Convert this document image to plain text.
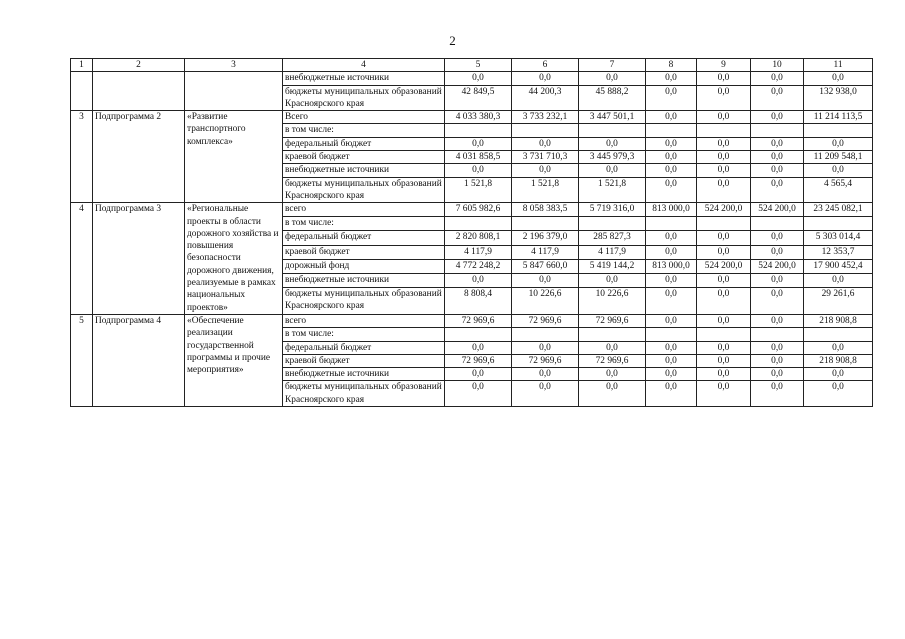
2
1	2	3	4	5	6	7	8	9	10	11
			внебюджетные источники	0,0	0,0	0,0	0,0	0,0	0,0	0,0
			бюджеты муниципальных образований Красноярского края	42 849,5	44 200,3	45 888,2	0,0	0,0	0,0	132 938,0
3	Подпрограмма 2	«Развитие транспортного комплекса»	Всего	4 033 380,3	3 733 232,1	3 447 501,1	0,0	0,0	0,0	11 214 113,5
			в том числе:							
			федеральный бюджет	0,0	0,0	0,0	0,0	0,0	0,0	0,0
			краевой бюджет	4 031 858,5	3 731 710,3	3 445 979,3	0,0	0,0	0,0	11 209 548,1
			внебюджетные источники	0,0	0,0	0,0	0,0	0,0	0,0	0,0
			бюджеты муниципальных образований Красноярского края	1 521,8	1 521,8	1 521,8	0,0	0,0	0,0	4 565,4
4	Подпрограмма 3	«Региональные проекты в области дорожного хозяйства и повышения безопасности дорожного движения, реализуемые в рамках национальных проектов»	всего	7 605 982,6	8 058 383,5	5 719 316,0	813 000,0	524 200,0	524 200,0	23 245 082,1
			в том числе:							
			федеральный бюджет	2 820 808,1	2 196 379,0	285 827,3	0,0	0,0	0,0	5 303 014,4
			краевой бюджет	4 117,9	4 117,9	4 117,9	0,0	0,0	0,0	12 353,7
			дорожный фонд	4 772 248,2	5 847 660,0	5 419 144,2	813 000,0	524 200,0	524 200,0	17 900 452,4
			внебюджетные источники	0,0	0,0	0,0	0,0	0,0	0,0	0,0
			бюджеты муниципальных образований Красноярского края	8 808,4	10 226,6	10 226,6	0,0	0,0	0,0	29 261,6
5	Подпрограмма 4	«Обеспечение реализации государственной программы и прочие мероприятия»	всего	72 969,6	72 969,6	72 969,6	0,0	0,0	0,0	218 908,8
			в том числе:							
			федеральный бюджет	0,0	0,0	0,0	0,0	0,0	0,0	0,0
			краевой бюджет	72 969,6	72 969,6	72 969,6	0,0	0,0	0,0	218 908,8
			внебюджетные источники	0,0	0,0	0,0	0,0	0,0	0,0	0,0
			бюджеты муниципальных образований Красноярского края	0,0	0,0	0,0	0,0	0,0	0,0	0,0
